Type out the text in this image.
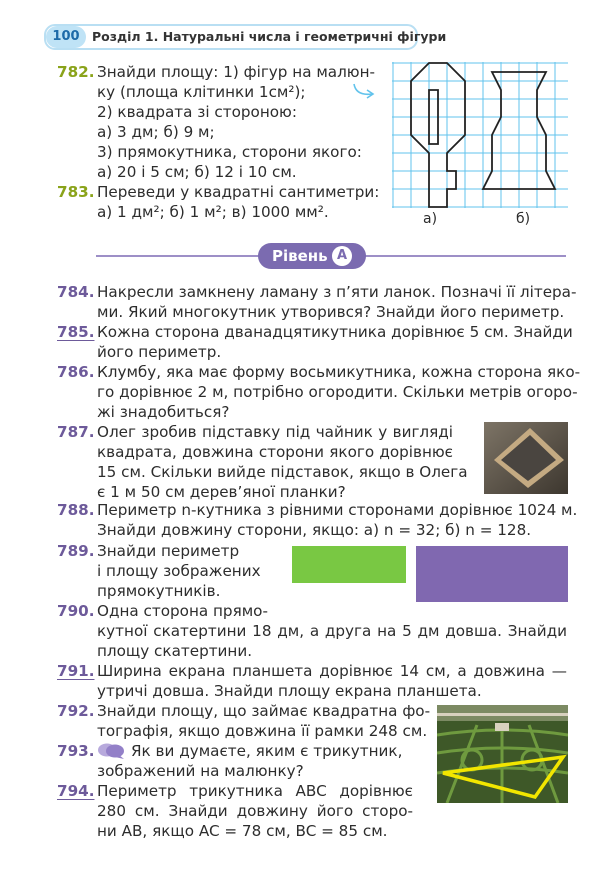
100 Розділ 1. Натуральні числа і геометричні фігури
782. Знайди площу: 1) фігур на малюн-
ку (площа клітинки 1см²);
2) квадрата зі стороною:
а) 3 дм; б) 9 м;
3) прямокутника, сторони якого:
а) 20 і 5 см; б) 12 і 10 см.
783. Переведи у квадратні сантиметри:
а) 1 дм²; б) 1 м²; в) 1000 мм².	а)	б)
Рівень A
784. Накресли замкнену ламану з п’яти ланок. Позначі її літера-
ми. Який многокутник утворився? Знайди його периметр.
785. Кожна сторона дванадцятикутника дорівнює 5 см. Знайди
його периметр.
786. Клумбу, яка має форму восьмикутника, кожна сторона яко-
го дорівнює 2 м, потрібно огородити. Скільки метрів огоро-
жі знадобиться?
787. Олег зробив підставку під чайник у вигляді
квадрата, довжина сторони якого дорівнює
15 см. Скільки вийде підставок, якщо в Олега
є 1 м 50 см дерев’яної планки?
788. Периметр n-кутника з рівними сторонами дорівнює 1024 м.
Знайди довжину сторони, якщо: а) n = 32; б) n = 128.
789. Знайди периметр
і площу зображених
прямокутників.
790. Одна сторона прямо-
кутної скатертини 18 дм, а друга на 5 дм довша. Знайди
площу скатертини.
791. Ширина екрана планшета дорівнює 14 см, а довжина —
утричі довша. Знайди площу екрана планшета.
792. Знайди площу, що займає квадратна фо-
тографія, якщо довжина її рамки 248 см.
793. Як ви думаєте, яким є трикутник,
зображений на малюнку?
794. Периметр трикутника ABC дорівнює
280 см. Знайди довжину його сторо-
ни AB, якщо AC = 78 см, BC = 85 см.
